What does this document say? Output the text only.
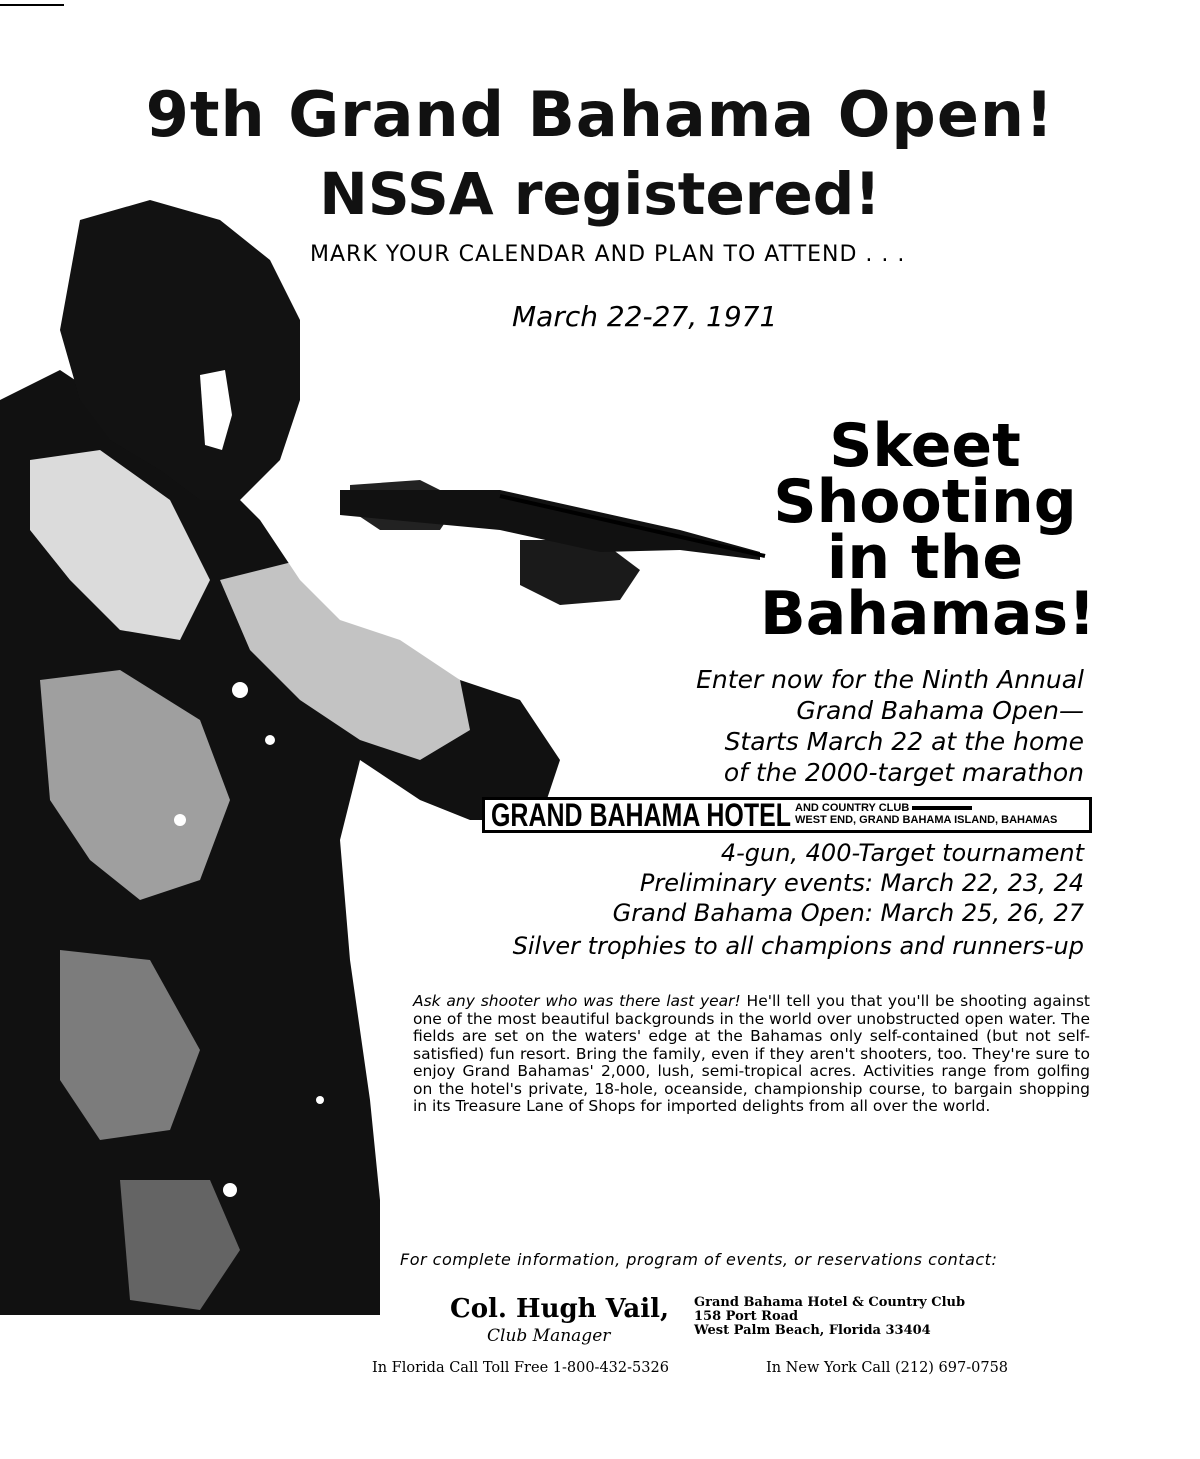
9th Grand Bahama Open!
NSSA registered!
MARK YOUR CALENDAR AND PLAN TO ATTEND . . .
March 22-27, 1971
Skeet
Shooting
in the
Bahamas!
Enter now for the Ninth Annual
Grand Bahama Open—
Starts March 22 at the home
of the 2000-target marathon
GRAND BAHAMA HOTEL AND COUNTRY CLUB
WEST END, GRAND BAHAMA ISLAND, BAHAMAS
4-gun, 400-Target tournament
Preliminary events: March 22, 23, 24
Grand Bahama Open: March 25, 26, 27
Silver trophies to all champions and runners-up
Ask any shooter who was there last year! He'll tell you that you'll be shooting against one of the most beautiful backgrounds in the world over unobstructed open water. The fields are set on the waters' edge at the Bahamas only self-contained (but not self-satisfied) fun resort. Bring the family, even if they aren't shooters, too. They're sure to enjoy Grand Bahamas' 2,000, lush, semi-tropical acres. Activities range from golfing on the hotel's private, 18-hole, oceanside, championship course, to bargain shopping in its Treasure Lane of Shops for imported delights from all over the world.
For complete information, program of events, or reservations contact:
Col. Hugh Vail,
Club Manager
Grand Bahama Hotel & Country Club
158 Port Road
West Palm Beach, Florida 33404
In Florida Call Toll Free 1-800-432-5326	In New York Call (212) 697-0758
